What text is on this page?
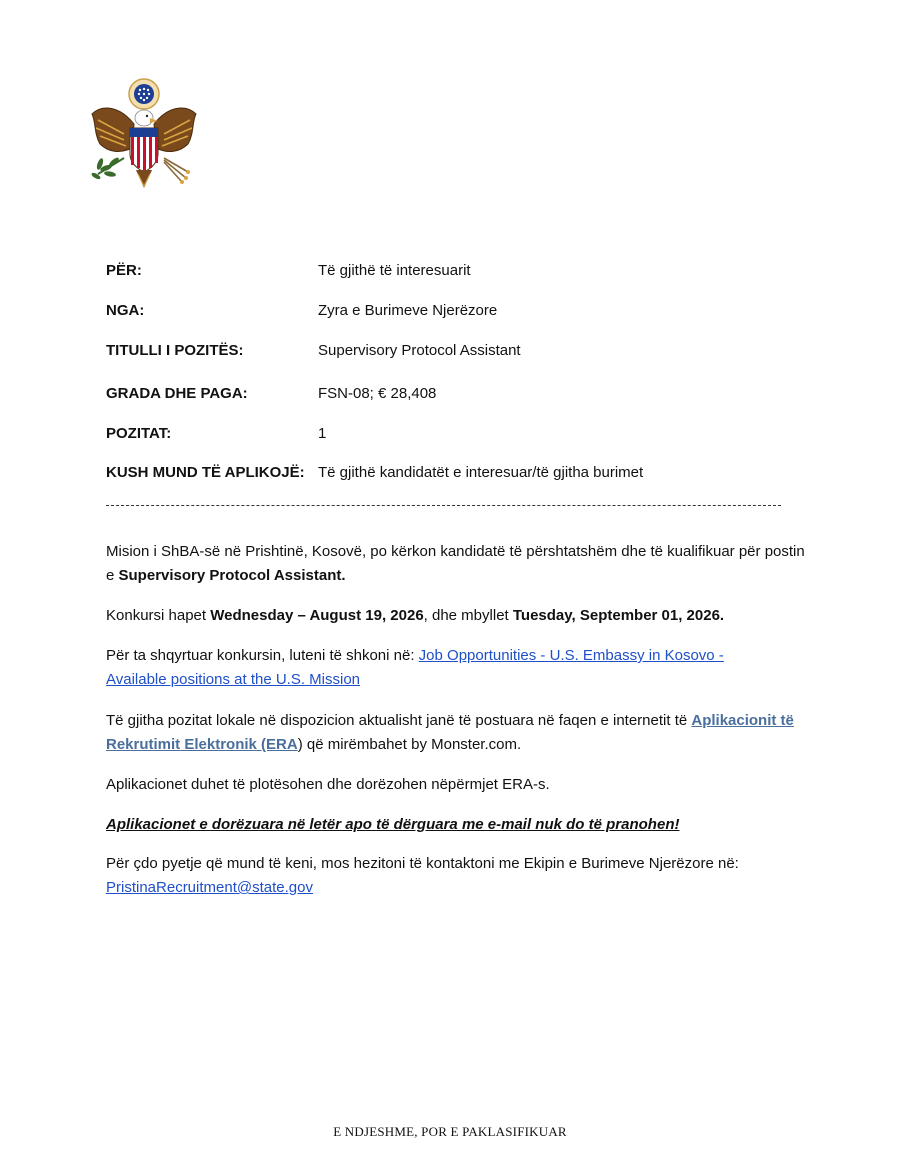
PËR:	Të gjithë të interesuarit
NGA:	Zyra e Burimeve Njerëzore
TITULLI I POZITËS:	Supervisory Protocol Assistant
GRADA DHE PAGA:	FSN-08; € 28,408
POZITAT:	1
KUSH MUND TË APLIKOJË: Të gjithë kandidatët e interesuar/të gjitha burimet
Mision i ShBA-së në Prishtinë, Kosovë, po kërkon kandidatë të përshtatshëm dhe të kualifikuar për postin e Supervisory Protocol Assistant.
Konkursi hapet Wednesday – August 19, 2026, dhe mbyllet Tuesday, September 01, 2026.
Për ta shqyrtuar konkursin, luteni të shkoni në: Job Opportunities - U.S. Embassy in Kosovo - Available positions at the U.S. Mission
Të gjitha pozitat lokale në dispozicion aktualisht janë të postuara në faqen e internetit të Aplikacionit të Rekrutimit Elektronik (ERA) që mirëmbahet by Monster.com.
Aplikacionet duhet të plotësohen dhe dorëzohen nëpërmjet ERA-s.
Aplikacionet e dorëzuara në letër apo të dërguara me e-mail nuk do të pranohen!
Për çdo pyetje që mund të keni, mos hezitoni të kontaktoni me Ekipin e Burimeve Njerëzore në:
PristinaRecruitment@state.gov
E NDJESHME, POR E PAKLASIFIKUAR
